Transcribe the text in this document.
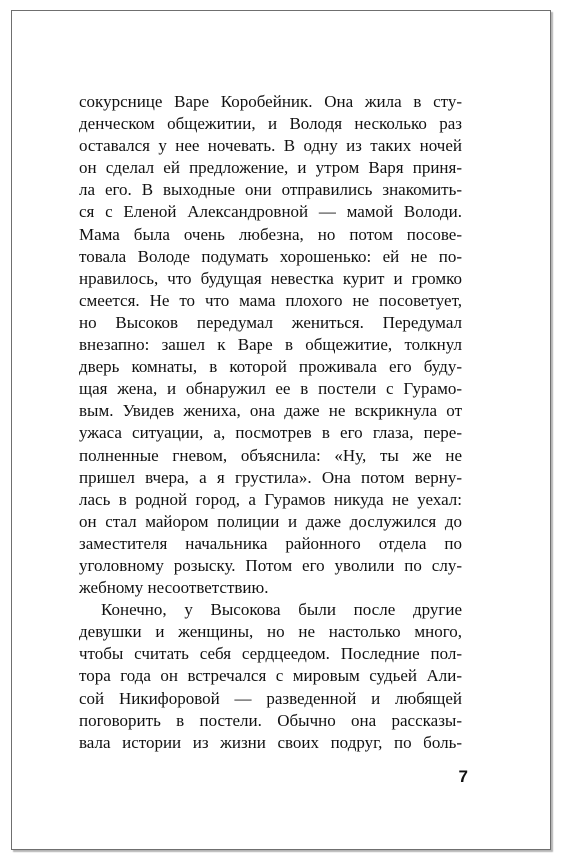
сокурснице Варе Коробейник. Она жила в сту-
денческом общежитии, и Володя несколько раз
оставался у нее ночевать. В одну из таких ночей
он сделал ей предложение, и утром Варя приня-
ла его. В выходные они отправились знакомить-
ся с Еленой Александровной — мамой Володи.
Мама была очень любезна, но потом посове-
товала Володе подумать хорошенько: ей не по-
нравилось, что будущая невестка курит и громко
смеется. Не то что мама плохого не посоветует,
но Высоков передумал жениться. Передумал
внезапно: зашел к Варе в общежитие, толкнул
дверь комнаты, в которой проживала его буду-
щая жена, и обнаружил ее в постели с Гурамо-
вым. Увидев жениха, она даже не вскрикнула от
ужаса ситуации, а, посмотрев в его глаза, пере-
полненные гневом, объяснила: «Ну, ты же не
пришел вчера, а я грустила». Она потом верну-
лась в родной город, а Гурамов никуда не уехал:
он стал майором полиции и даже дослужился до
заместителя начальника районного отдела по
уголовному розыску. Потом его уволили по слу-
жебному несоответствию.
Конечно, у Высокова были после другие
девушки и женщины, но не настолько много,
чтобы считать себя сердцеедом. Последние пол-
тора года он встречался с мировым судьей Али-
сой Никифоровой — разведенной и любящей
поговорить в постели. Обычно она рассказы-
вала истории из жизни своих подруг, по боль-
7
